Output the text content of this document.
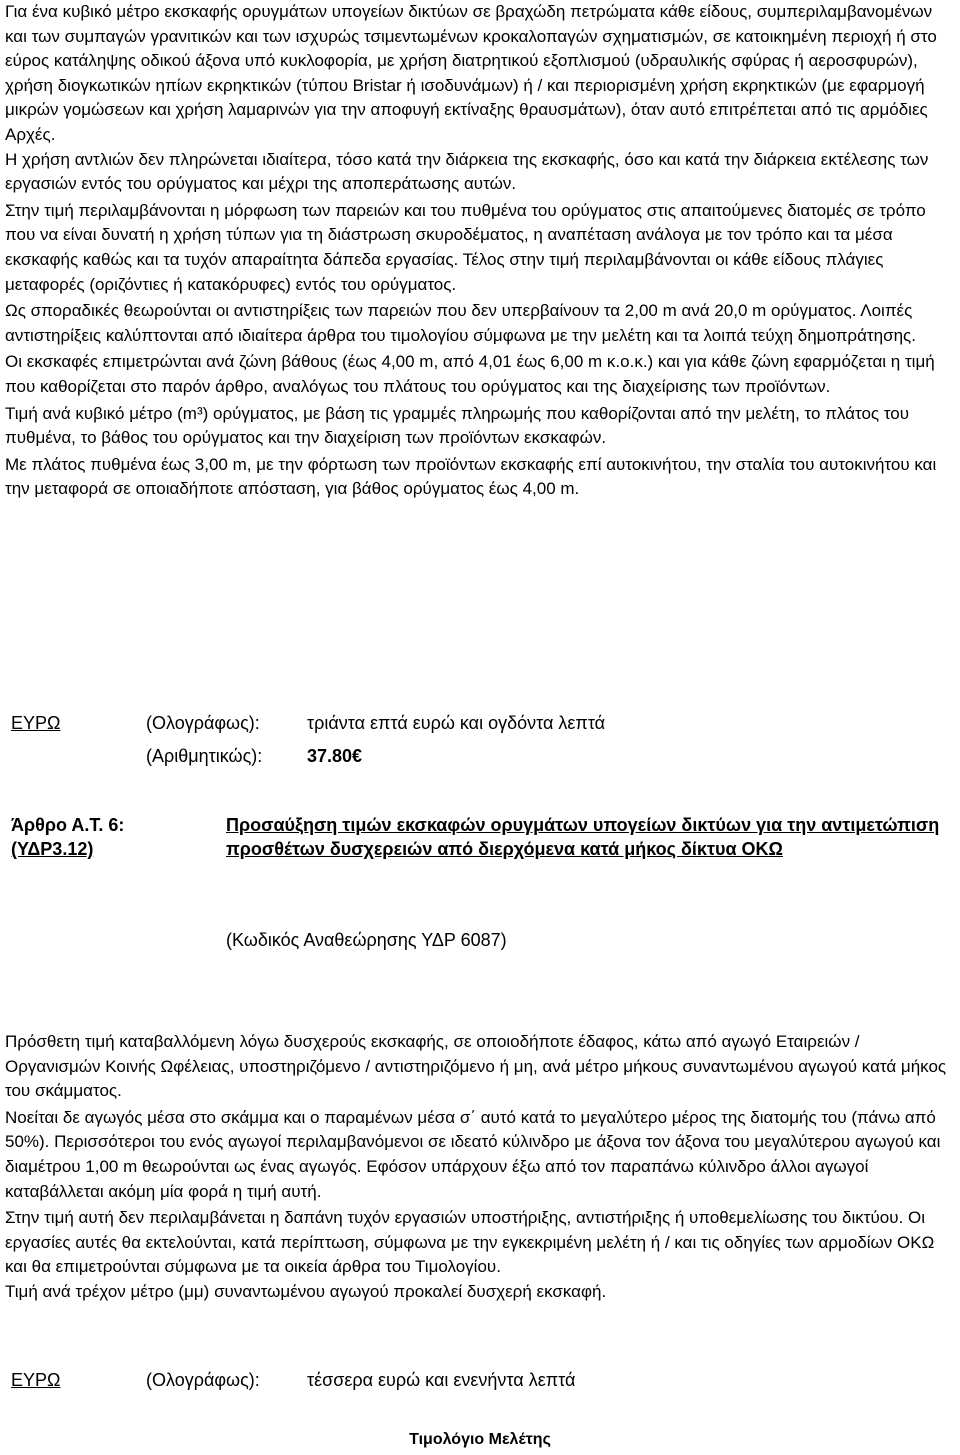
Για ένα κυβικό μέτρο εκσκαφής ορυγμάτων υπογείων δικτύων σε βραχώδη πετρώματα κάθε είδους, συμπεριλαμβανομένων και των συμπαγών γρανιτικών και των ισχυρώς τσιμεντωμένων κροκαλοπαγών σχηματισμών, σε κατοικημένη περιοχή ή στο εύρος κατάληψης οδικού άξονα υπό κυκλοφορία, με χρήση διατρητικού εξοπλισμού (υδραυλικής σφύρας ή αεροσφυρών), χρήση διογκωτικών ηπίων εκρηκτικών (τύπου Bristar ή ισοδυνάμων) ή / και περιορισμένη χρήση εκρηκτικών (με εφαρμογή μικρών γομώσεων και χρήση λαμαρινών για την αποφυγή εκτίναξης θραυσμάτων), όταν αυτό επιτρέπεται από τις αρμόδιες Αρχές.

Η χρήση αντλιών δεν πληρώνεται ιδιαίτερα, τόσο κατά την διάρκεια της εκσκαφής, όσο και κατά την διάρκεια εκτέλεσης των εργασιών εντός του ορύγματος και μέχρι της αποπεράτωσης αυτών.

Στην τιμή περιλαμβάνονται η μόρφωση των παρειών και του πυθμένα του ορύγματος στις απαιτούμενες διατομές σε τρόπο που να είναι δυνατή η χρήση τύπων για τη διάστρωση σκυροδέματος, η αναπέταση ανάλογα με τον τρόπο και τα μέσα εκσκαφής καθώς και τα τυχόν απαραίτητα δάπεδα εργασίας. Τέλος στην τιμή περιλαμβάνονται οι κάθε είδους πλάγιες μεταφορές (οριζόντιες ή κατακόρυφες) εντός του ορύγματος.

Ως σποραδικές θεωρούνται οι αντιστηρίξεις των παρειών που δεν υπερβαίνουν τα 2,00 m ανά 20,0 m ορύγματος. Λοιπές αντιστηρίξεις καλύπτονται από ιδιαίτερα άρθρα του τιμολογίου σύμφωνα με την μελέτη και τα λοιπά τεύχη δημοπράτησης.

Οι εκσκαφές επιμετρώνται ανά ζώνη βάθους (έως 4,00 m, από 4,01 έως 6,00 m κ.ο.κ.) και για κάθε ζώνη εφαρμόζεται η τιμή που καθορίζεται στο παρόν άρθρο, αναλόγως του πλάτους του ορύγματος και της διαχείρισης των προϊόντων.

Τιμή ανά κυβικό μέτρο (m³) ορύγματος, με βάση τις γραμμές πληρωμής που καθορίζονται από την μελέτη, το πλάτος του πυθμένα, το βάθος του ορύγματος και την διαχείριση των προϊόντων εκσκαφών.

Με πλάτος πυθμένα έως 3,00 m, με την φόρτωση των προϊόντων εκσκαφής επί αυτοκινήτου, την σταλία του αυτοκινήτου και την μεταφορά σε οποιαδήποτε απόσταση, για βάθος ορύγματος έως 4,00 m.

ΕΥΡΩ	(Ολογράφως):	τριάντα επτά ευρώ και ογδόντα λεπτά
(Αριθμητικώς): 37.80€
Άρθρο Α.Τ. 6:
(ΥΔΡ3.12)
Προσαύξηση τιμών εκσκαφών ορυγμάτων υπογείων δικτύων για την αντιμετώπιση προσθέτων δυσχερειών από διερχόμενα κατά μήκος δίκτυα ΟΚΩ
(Κωδικός Αναθεώρησης ΥΔΡ 6087)

Πρόσθετη τιμή καταβαλλόμενη λόγω δυσχερούς εκσκαφής, σε οποιοδήποτε έδαφος, κάτω από αγωγό Εταιρειών / Οργανισμών Κοινής Ωφέλειας, υποστηριζόμενο / αντιστηριζόμενο ή μη, ανά μέτρο μήκους συναντωμένου αγωγού κατά μήκος του σκάμματος.

Νοείται δε αγωγός μέσα στο σκάμμα και ο παραμένων μέσα σ΄ αυτό κατά το μεγαλύτερο μέρος της διατομής του (πάνω από 50%). Περισσότεροι του ενός αγωγοί περιλαμβανόμενοι σε ιδεατό κύλινδρο με άξονα τον άξονα του μεγαλύτερου αγωγού και διαμέτρου 1,00 m θεωρούνται ως ένας αγωγός. Εφόσον υπάρχουν έξω από τον παραπάνω κύλινδρο άλλοι αγωγοί καταβάλλεται ακόμη μία φορά η τιμή αυτή.

Στην τιμή αυτή δεν περιλαμβάνεται η δαπάνη τυχόν εργασιών υποστήριξης, αντιστήριξης ή υποθεμελίωσης του δικτύου. Οι εργασίες αυτές θα εκτελούνται, κατά περίπτωση, σύμφωνα με την εγκεκριμένη μελέτη ή / και τις οδηγίες των αρμοδίων ΟΚΩ και θα επιμετρούνται σύμφωνα με τα οικεία άρθρα του Τιμολογίου.

Τιμή ανά τρέχον μέτρο (μμ) συναντωμένου αγωγού προκαλεί δυσχερή εκσκαφή.

ΕΥΡΩ	(Ολογράφως):	τέσσερα ευρώ και ενενήντα λεπτά
Τιμολόγιο Μελέτης
